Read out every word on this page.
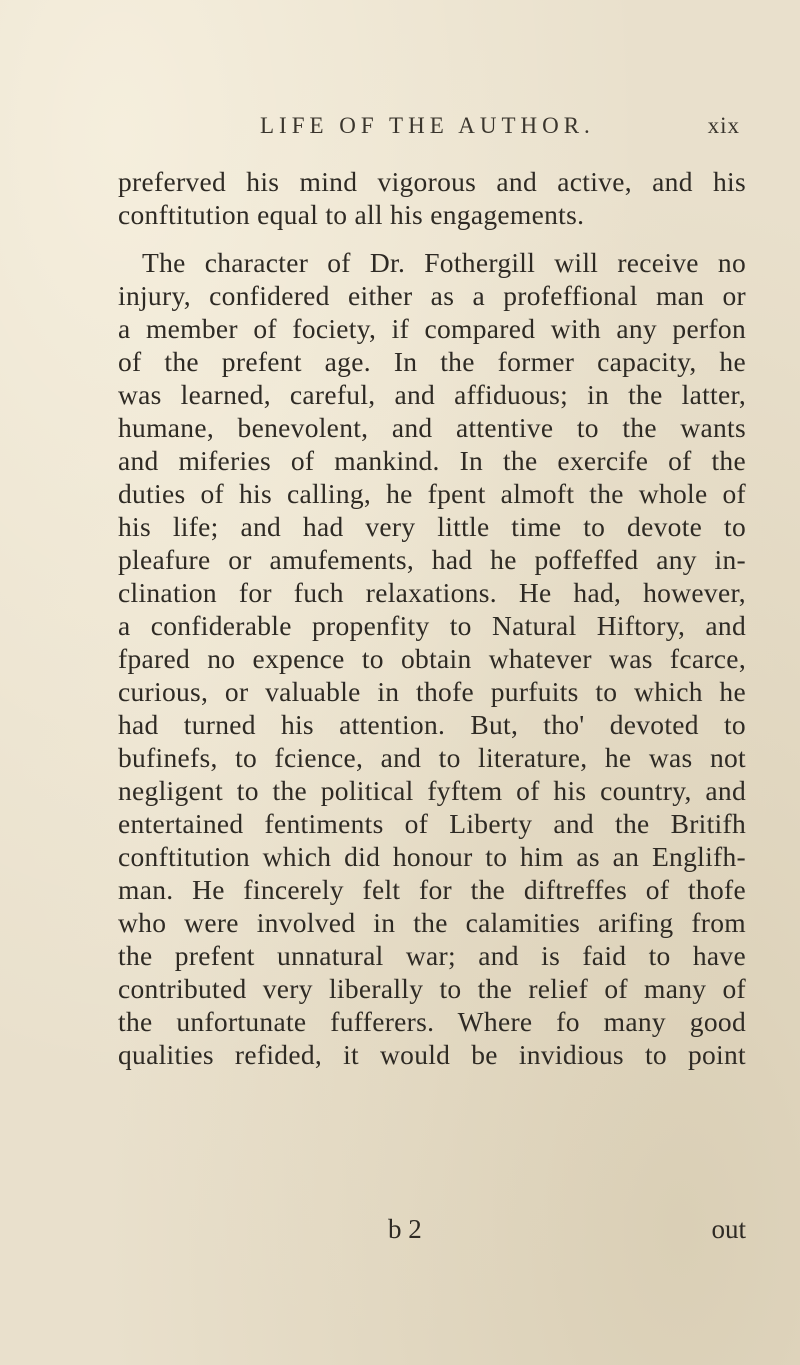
LIFE OF THE AUTHOR.	xix
preferved his mind vigorous and active, and his
conftitution equal to all his engagements.
The character of Dr. Fothergill will receive no
injury, confidered either as a profeffional man or
a member of fociety, if compared with any perfon
of the prefent age. In the former capacity, he
was learned, careful, and affiduous; in the latter,
humane, benevolent, and attentive to the wants
and miferies of mankind. In the exercife of the
duties of his calling, he fpent almoft the whole of
his life; and had very little time to devote to
pleafure or amufements, had he poffeffed any in-
clination for fuch relaxations. He had, however,
a confiderable propenfity to Natural Hiftory, and
fpared no expence to obtain whatever was fcarce,
curious, or valuable in thofe purfuits to which he
had turned his attention. But, tho' devoted to
bufinefs, to fcience, and to literature, he was not
negligent to the political fyftem of his country, and
entertained fentiments of Liberty and the Britifh
conftitution which did honour to him as an Englifh-
man. He fincerely felt for the diftreffes of thofe
who were involved in the calamities arifing from
the prefent unnatural war; and is faid to have
contributed very liberally to the relief of many of
the unfortunate fufferers. Where fo many good
qualities refided, it would be invidious to point
b 2	out
